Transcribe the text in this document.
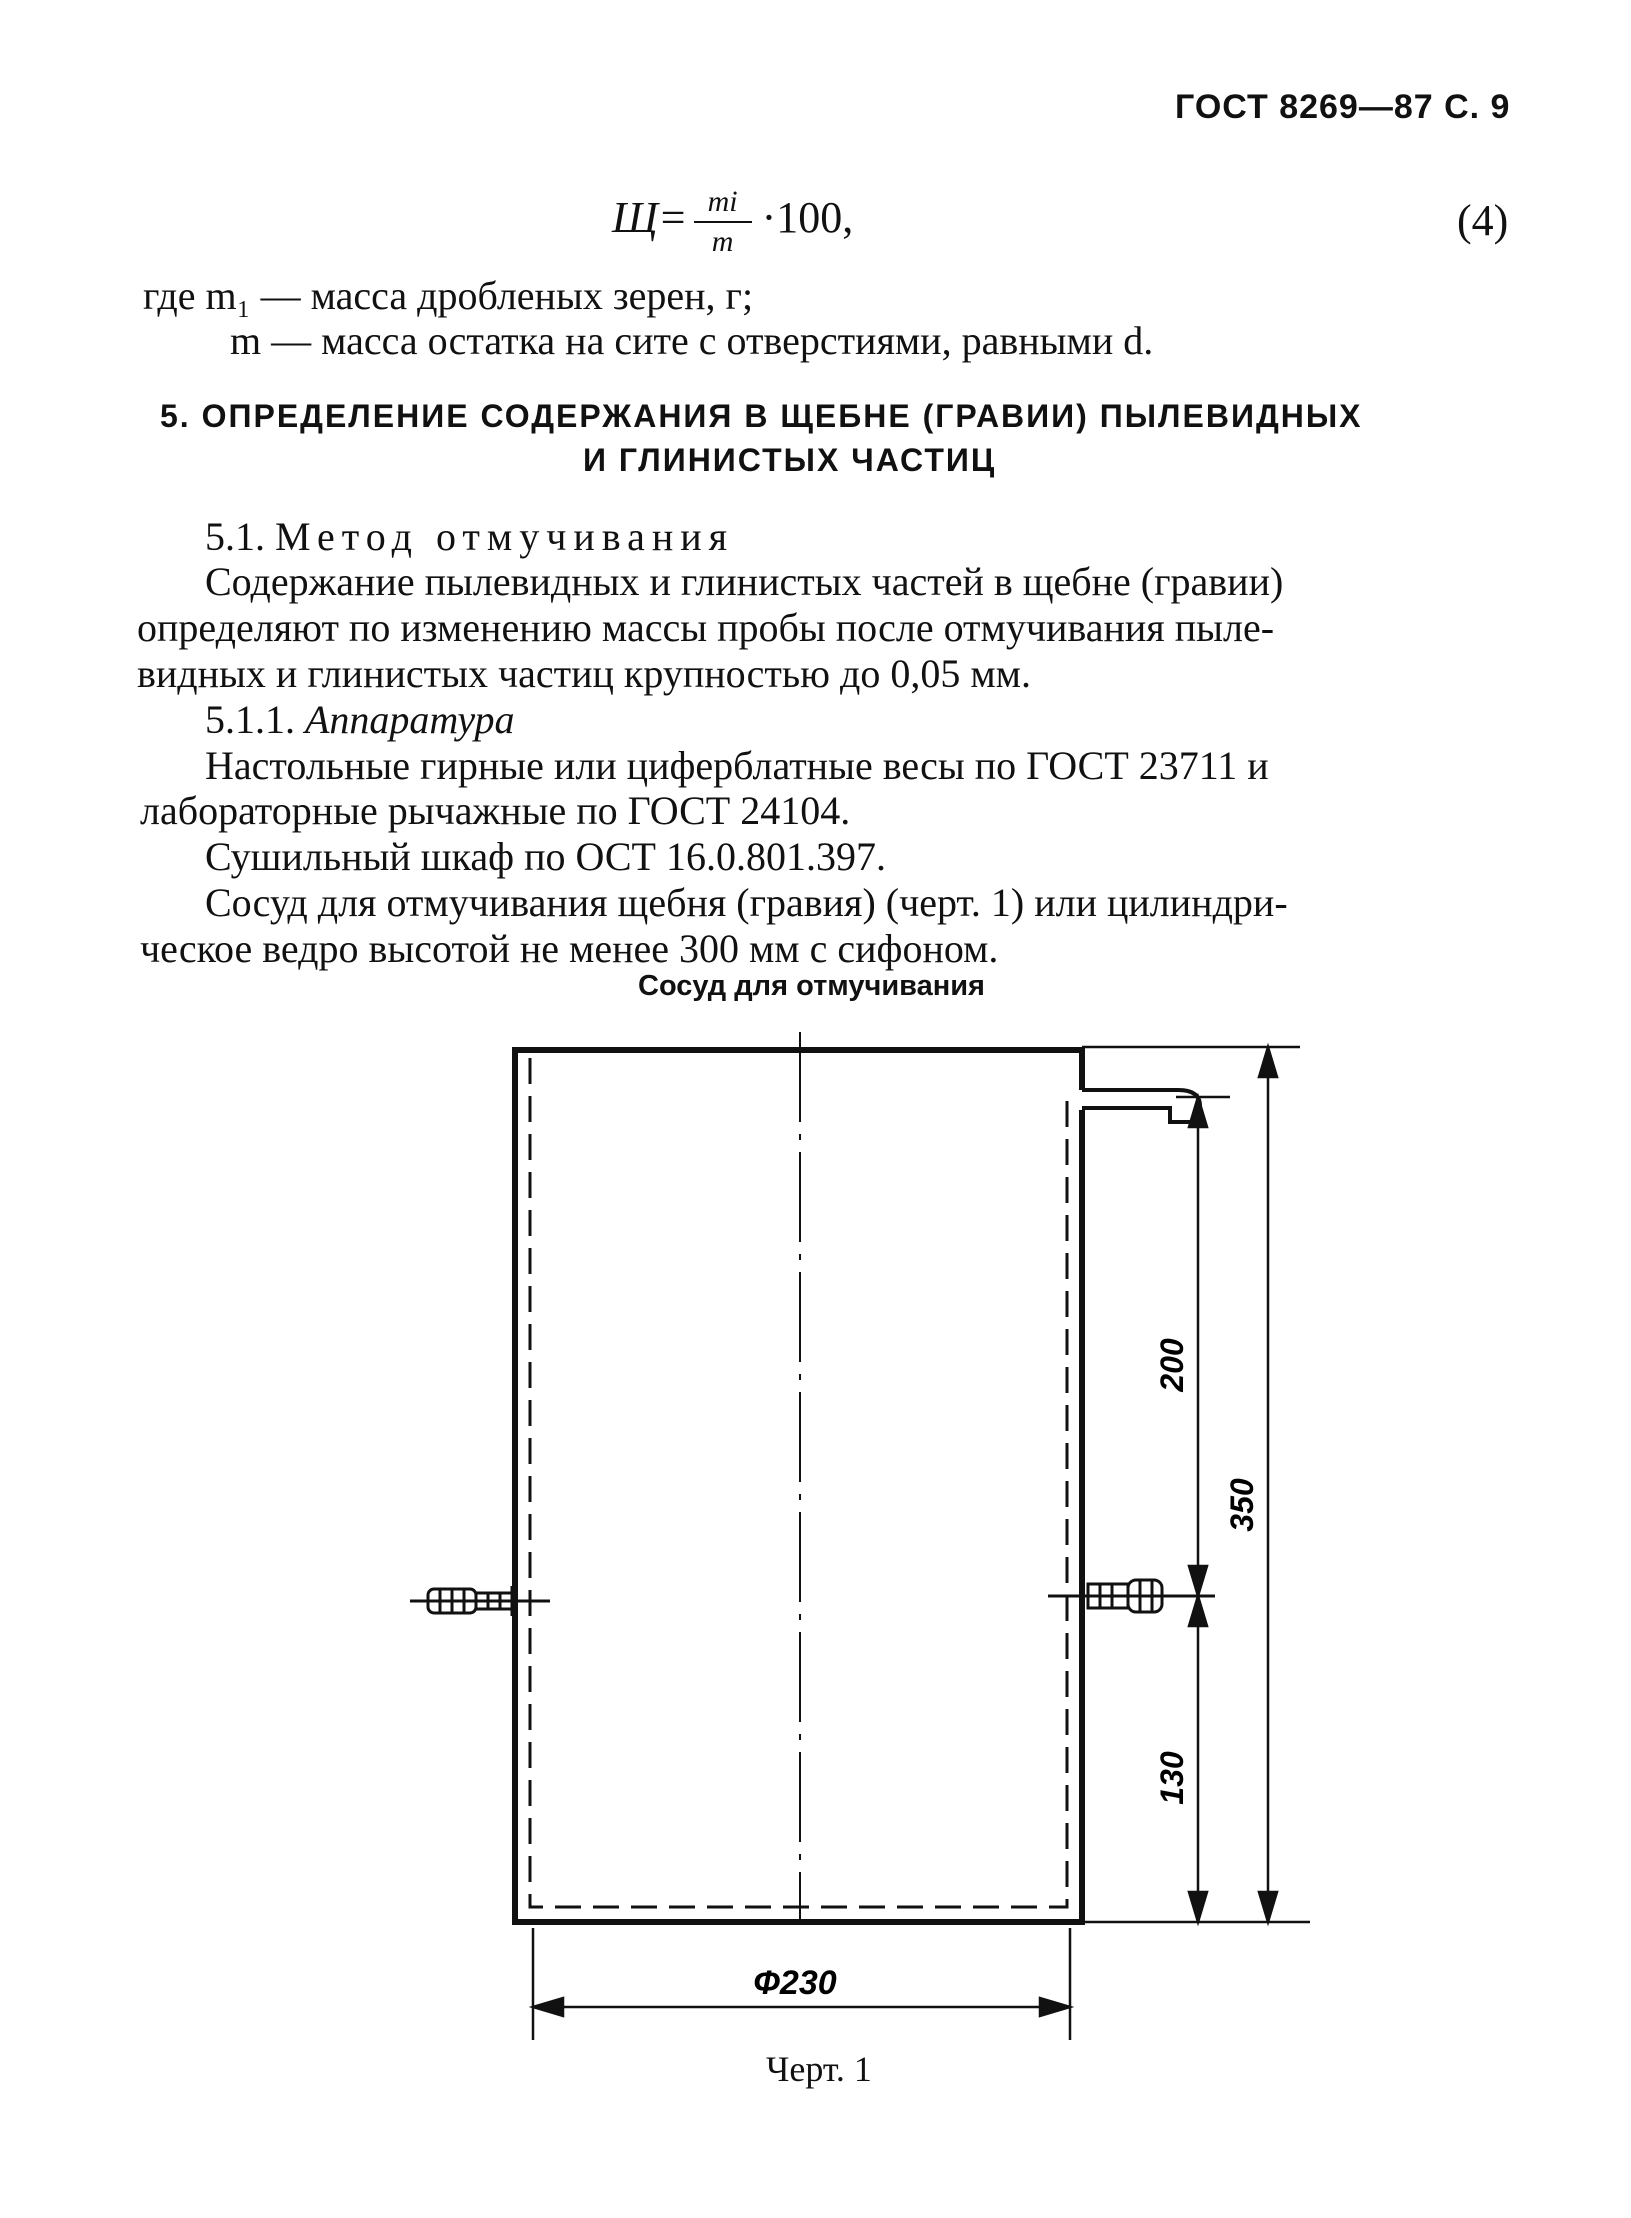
ГОСТ 8269—87 С. 9
$Щ= \frac{mi}{m} \cdot 100$,	(4)
где m₁ — масса дробленых зерен, г;
m — масса остатка на сите с отверстиями, равными d.
5. ОПРЕДЕЛЕНИЕ СОДЕРЖАНИЯ В ЩЕБНЕ (ГРАВИИ) ПЫЛЕВИДНЫХ
И ГЛИНИСТЫХ ЧАСТИЦ
5.1. Метод отмучивания
Содержание пылевидных и глинистых частей в щебне (гравии)
определяют по изменению массы пробы после отмучивания пыле-
видных и глинистых частиц крупностью до 0,05 мм.
5.1.1. Аппаратура
Настольные гирные или циферблатные весы по ГОСТ 23711 и
лабораторные рычажные по ГОСТ 24104.
Сушильный шкаф по ОСТ 16.0.801.397.
Сосуд для отмучивания щебня (гравия) (черт. 1) или цилиндри-
ческое ведро высотой не менее 300 мм с сифоном.
Сосуд для отмучивания
200
350
130
Ф230
Черт. 1
